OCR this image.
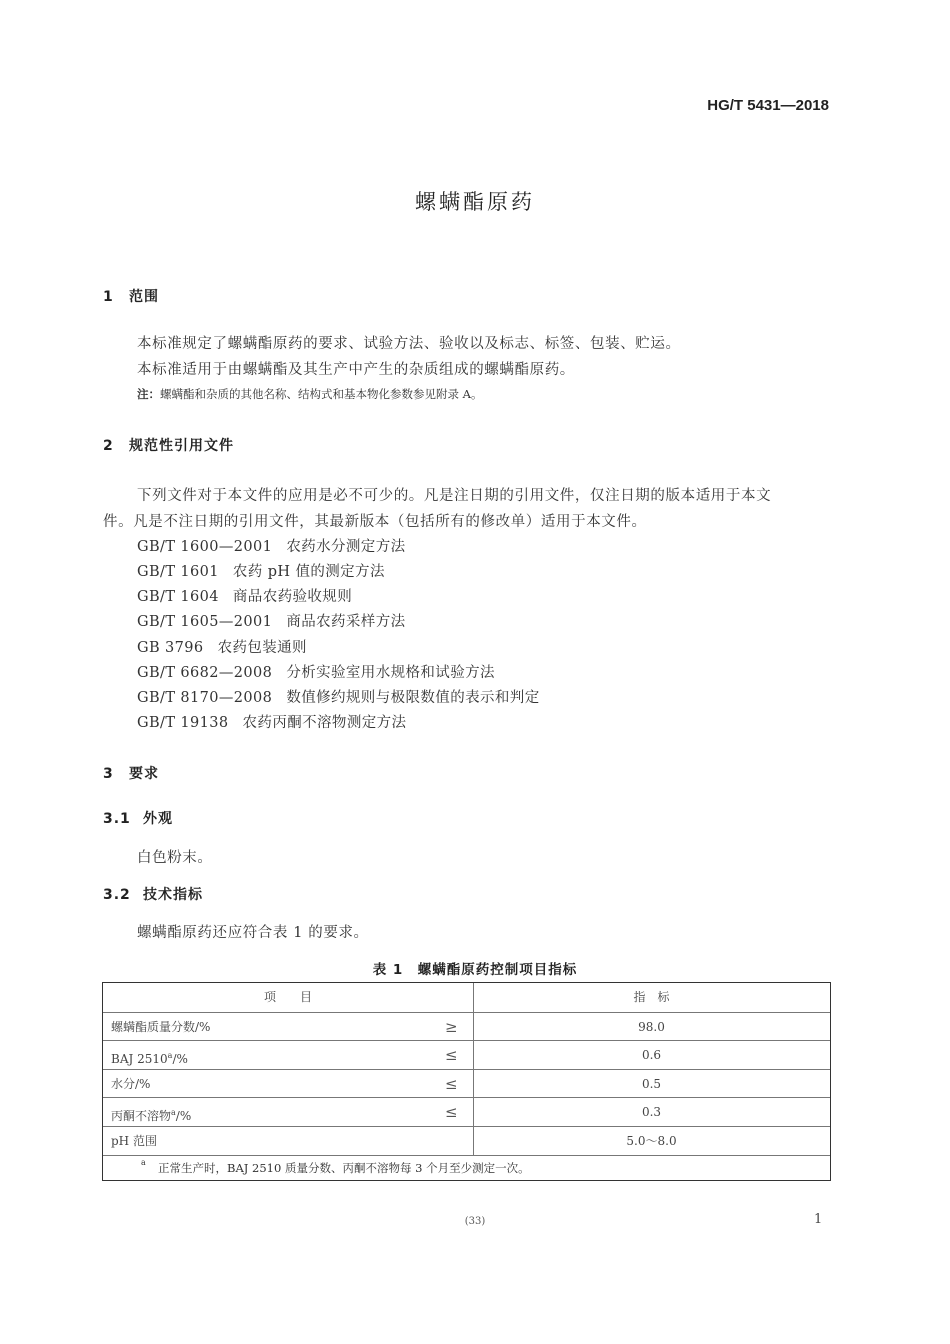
HG/T 5431—2018
螺螨酯原药
1 范围
本标准规定了螺螨酯原药的要求、试验方法、验收以及标志、标签、包装、贮运。
本标准适用于由螺螨酯及其生产中产生的杂质组成的螺螨酯原药。
注：螺螨酯和杂质的其他名称、结构式和基本物化参数参见附录 A。
2 规范性引用文件
下列文件对于本文件的应用是必不可少的。凡是注日期的引用文件，仅注日期的版本适用于本文
件。凡是不注日期的引用文件，其最新版本（包括所有的修改单）适用于本文件。
GB/T 1600—2001 农药水分测定方法
GB/T 1601 农药 pH 值的测定方法
GB/T 1604 商品农药验收规则
GB/T 1605—2001 商品农药采样方法
GB 3796 农药包装通则
GB/T 6682—2008 分析实验室用水规格和试验方法
GB/T 8170—2008 数值修约规则与极限数值的表示和判定
GB/T 19138 农药丙酮不溶物测定方法
3 要求
3.1 外观
白色粉末。
3.2 技术指标
螺螨酯原药还应符合表 1 的要求。
表 1　螺螨酯原药控制项目指标
项　　目	指　标
螺螨酯质量分数/%	≥	98.0
BAJ $2510^a/\%$	≤	0.6
水分/%	≤	0.5
丙酮不溶物$^a$/%	≤	0.3
pH 范围	5.0～8.0
a 正常生产时，BAJ 2510 质量分数、丙酮不溶物每 3 个月至少测定一次。
(33)	1
